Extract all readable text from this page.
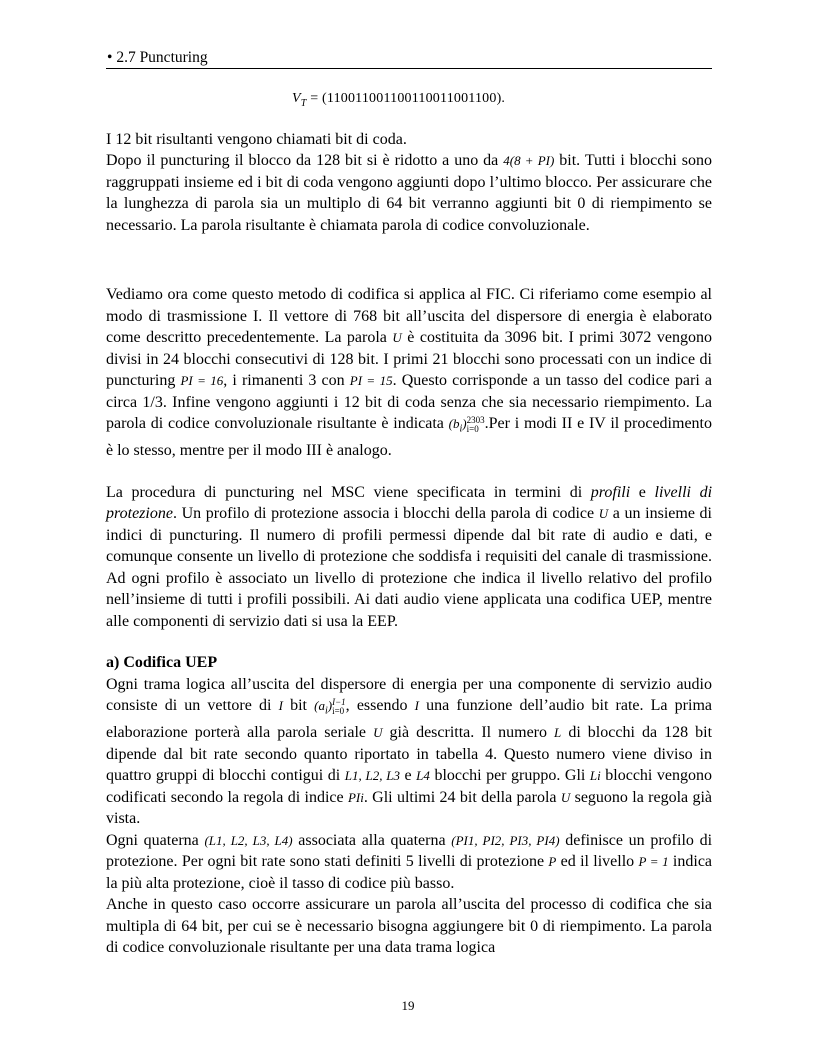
• 2.7 Puncturing
$V_T = (110011001100110011001100)$.

I 12 bit risultanti vengono chiamati bit di coda.
Dopo il puncturing il blocco da 128 bit si è ridotto a uno da 4(8 + PI) bit. Tutti i blocchi sono raggruppati insieme ed i bit di coda vengono aggiunti dopo l’ultimo blocco. Per assicurare che la lunghezza di parola sia un multiplo di 64 bit verranno aggiunti bit 0 di riempimento se necessario. La parola risultante è chiamata parola di codice convoluzionale.

Vediamo ora come questo metodo di codifica si applica al FIC. Ci riferiamo come esempio al modo di trasmissione I. Il vettore di 768 bit all’uscita del dispersore di energia è elaborato come descritto precedentemente. La parola U è costituita da 3096 bit. I primi 3072 vengono divisi in 24 blocchi consecutivi di 128 bit. I primi 21 blocchi sono processati con un indice di puncturing PI = 16, i rimanenti 3 con PI = 15. Questo corrisponde a un tasso del codice pari a circa 1/3. Infine vengono aggiunti i 12 bit di coda senza che sia necessario riempimento. La parola di codice convoluzionale risultante è indicata $(b_i)$ 2303
i=0 .Per i modi II e IV il procedimento è lo stesso, mentre per il modo III è analogo.

La procedura di puncturing nel MSC viene specificata in termini di profili e livelli di protezione. Un profilo di protezione associa i blocchi della parola di codice U a un insieme di indici di puncturing. Il numero di profili permessi dipende dal bit rate di audio e dati, e comunque consente un livello di protezione che soddisfa i requisiti del canale di trasmissione. Ad ogni profilo è associato un livello di protezione che indica il livello relativo del profilo nell’insieme di tutti i profili possibili. Ai dati audio viene applicata una codifica UEP, mentre alle componenti di servizio dati si usa la EEP.

a) Codifica UEP

Ogni trama logica all’uscita del dispersore di energia per una componente di servizio audio consiste di un vettore di I bit $(a_i)$ I−1
i=0 , essendo I una funzione dell’audio bit rate. La prima elaborazione porterà alla parola seriale U già descritta. Il numero L di blocchi da 128 bit dipende dal bit rate secondo quanto riportato in tabella 4. Questo numero viene diviso in quattro gruppi di blocchi contigui di L1, L2, L3 e L4 blocchi per gruppo. Gli Li blocchi vengono codificati secondo la regola di indice PIi. Gli ultimi 24 bit della parola U seguono la regola già vista.
Ogni quaterna (L1, L2, L3, L4) associata alla quaterna (PI1, PI2, PI3, PI4) definisce un profilo di protezione. Per ogni bit rate sono stati definiti 5 livelli di protezione P ed il livello P = 1 indica la più alta protezione, cioè il tasso di codice più basso.
Anche in questo caso occorre assicurare un parola all’uscita del processo di codifica che sia multipla di 64 bit, per cui se è necessario bisogna aggiungere bit 0 di riempimento. La parola di codice convoluzionale risultante per una data trama logica

19
